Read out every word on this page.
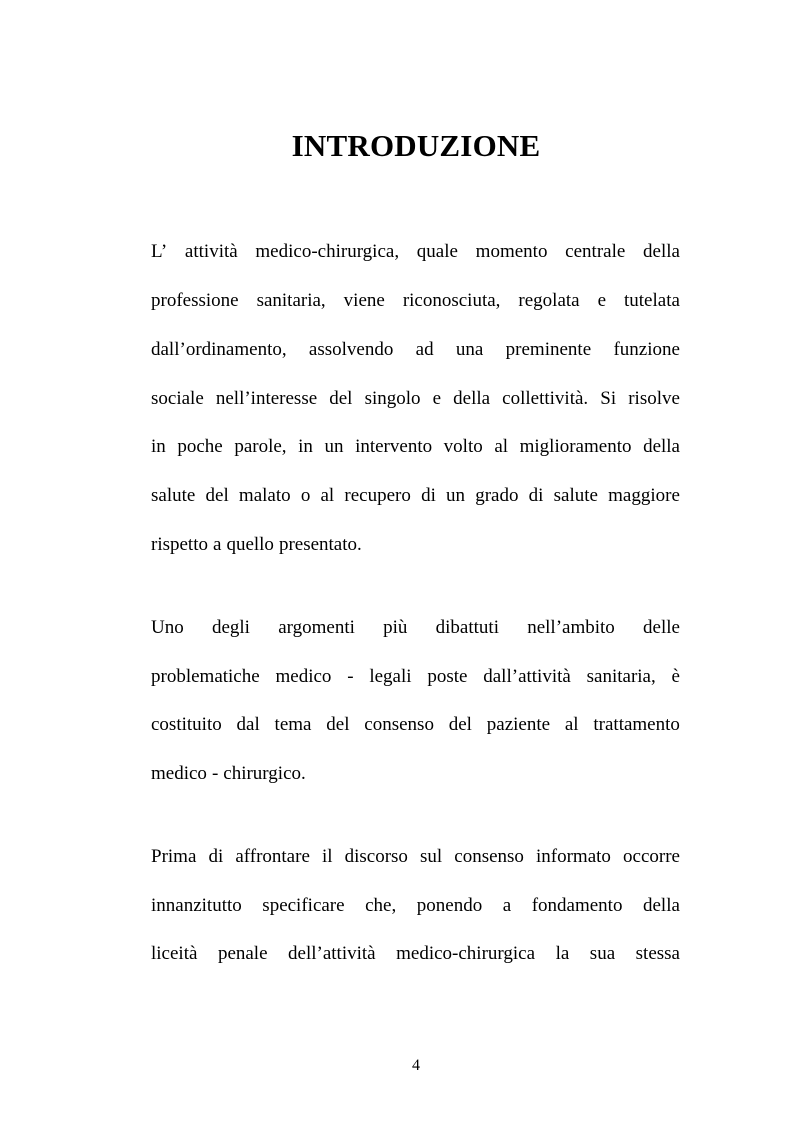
INTRODUZIONE
L’ attività medico-chirurgica, quale momento centrale della
professione sanitaria, viene riconosciuta, regolata e tutelata
dall’ordinamento, assolvendo ad una preminente funzione
sociale nell’interesse del singolo e della collettività. Si risolve
in poche parole, in un intervento volto al miglioramento della
salute del malato o al recupero di un grado di salute maggiore
rispetto a quello presentato.
Uno degli argomenti più dibattuti nell’ambito delle
problematiche medico - legali poste dall’attività sanitaria, è
costituito dal tema del consenso del paziente al trattamento
medico - chirurgico.
Prima di affrontare il discorso sul consenso informato occorre
innanzitutto specificare che, ponendo a fondamento della
liceità penale dell’attività medico-chirurgica la sua stessa
4
